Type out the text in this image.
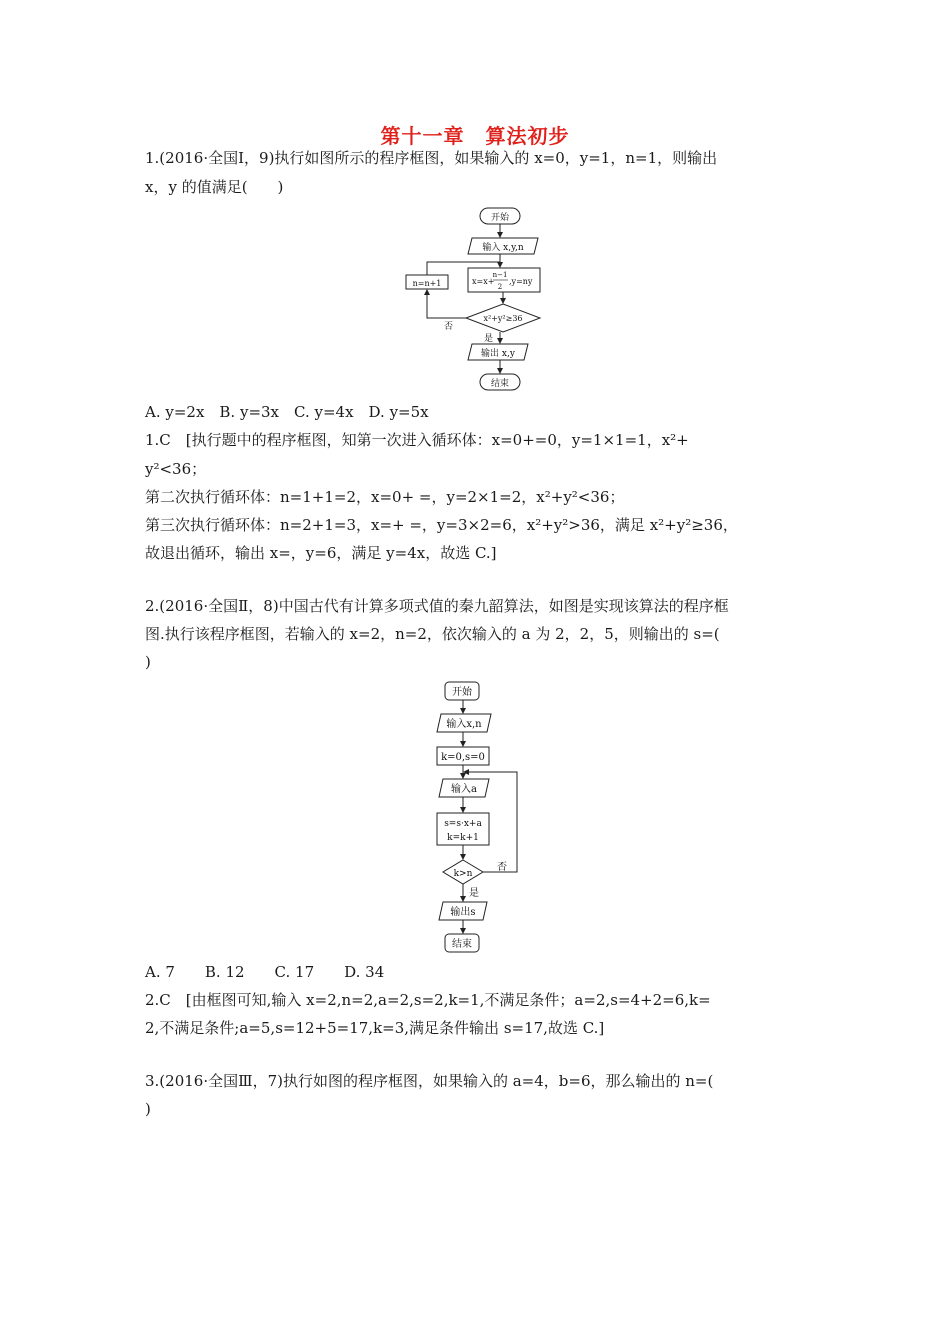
第十一章　算法初步
1.(2016·全国Ⅰ，9)执行如图所示的程序框图，如果输入的 x=0，y=1，n=1，则输出
x，y 的值满足(　　)
开始
输入 x,y,n
x=x+
n−1
2
,y=ny
n=n+1
x²+y²≥36
否
是
输出 x,y
结束
A. y=2x　B. y=3x　C. y=4x　D. y=5x
1.C　[执行题中的程序框图，知第一次进入循环体：x=0+=0，y=1×1=1，x²+
y²<36；
第二次执行循环体：n=1+1=2，x=0+ =，y=2×1=2，x²+y²<36；
第三次执行循环体：n=2+1=3，x=+ =，y=3×2=6，x²+y²>36，满足 x²+y²≥36，
故退出循环，输出 x=，y=6，满足 y=4x，故选 C.]
2.(2016·全国Ⅱ，8)中国古代有计算多项式值的秦九韶算法，如图是实现该算法的程序框
图.执行该程序框图，若输入的 x=2，n=2，依次输入的 a 为 2，2，5，则输出的 s=(
)
开始
输入x,n
k=0,s=0
输入a
s=s·x+a
k=k+1
k>n
否
是
输出s
结束
A. 7　　B. 12　　C. 17　　D. 34
2.C　[由框图可知,输入 x=2,n=2,a=2,s=2,k=1,不满足条件；a=2,s=4+2=6,k=
2,不满足条件;a=5,s=12+5=17,k=3,满足条件输出 s=17,故选 C.]
3.(2016·全国Ⅲ，7)执行如图的程序框图，如果输入的 a=4，b=6，那么输出的 n=(
)
